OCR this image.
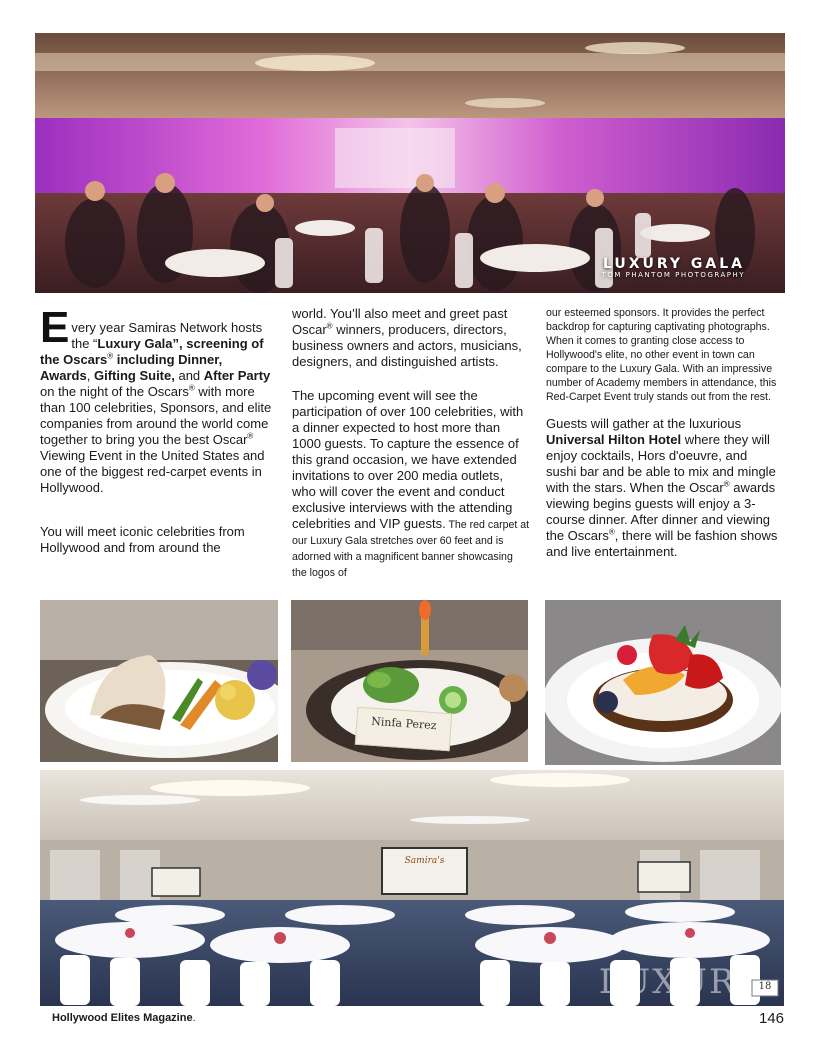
LUXURY GALA
TOM PHANTOM PHOTOGRAPHY

Every year Samiras Network hosts the “Luxury Gala”, screening of the Oscars® including Dinner, Awards, Gifting Suite, and After Party on the night of the Oscars® with more than 100 celebrities, Sponsors, and elite companies from around the world come together to bring you the best Oscar® Viewing Event in the United States and one of the biggest red-carpet events in Hollywood.

You will meet iconic celebrities from Hollywood and from around the

world. You’ll also meet and greet past Oscar® winners, producers, directors, business owners and actors, musicians, designers, and distinguished artists.

The upcoming event will see the participation of over 100 celebrities, with a dinner expected to host more than 1000 guests. To capture the essence of this grand occasion, we have extended invitations to over 200 media outlets, who will cover the event and conduct exclusive interviews with the attending celebrities and VIP guests. The red carpet at our Luxury Gala stretches over 60 feet and is adorned with a magnificent banner showcasing the logos of

our esteemed sponsors. It provides the perfect backdrop for capturing captivating photographs. When it comes to granting close access to Hollywood's elite, no other event in town can compare to the Luxury Gala. With an impressive number of Academy members in attendance, this Red-Carpet Event truly stands out from the rest.

Guests will gather at the luxurious Universal Hilton Hotel where they will enjoy cocktails, Hors d'oeuvre, and sushi bar and be able to mix and mingle with the stars. When the Oscar® awards viewing begins guests will enjoy a 3-course dinner. After dinner and viewing the Oscars®, there will be fashion shows and live entertainment.

Ninfa Perez
Samira's
18
LUXURY
Hollywood Elites Magazine.	146
